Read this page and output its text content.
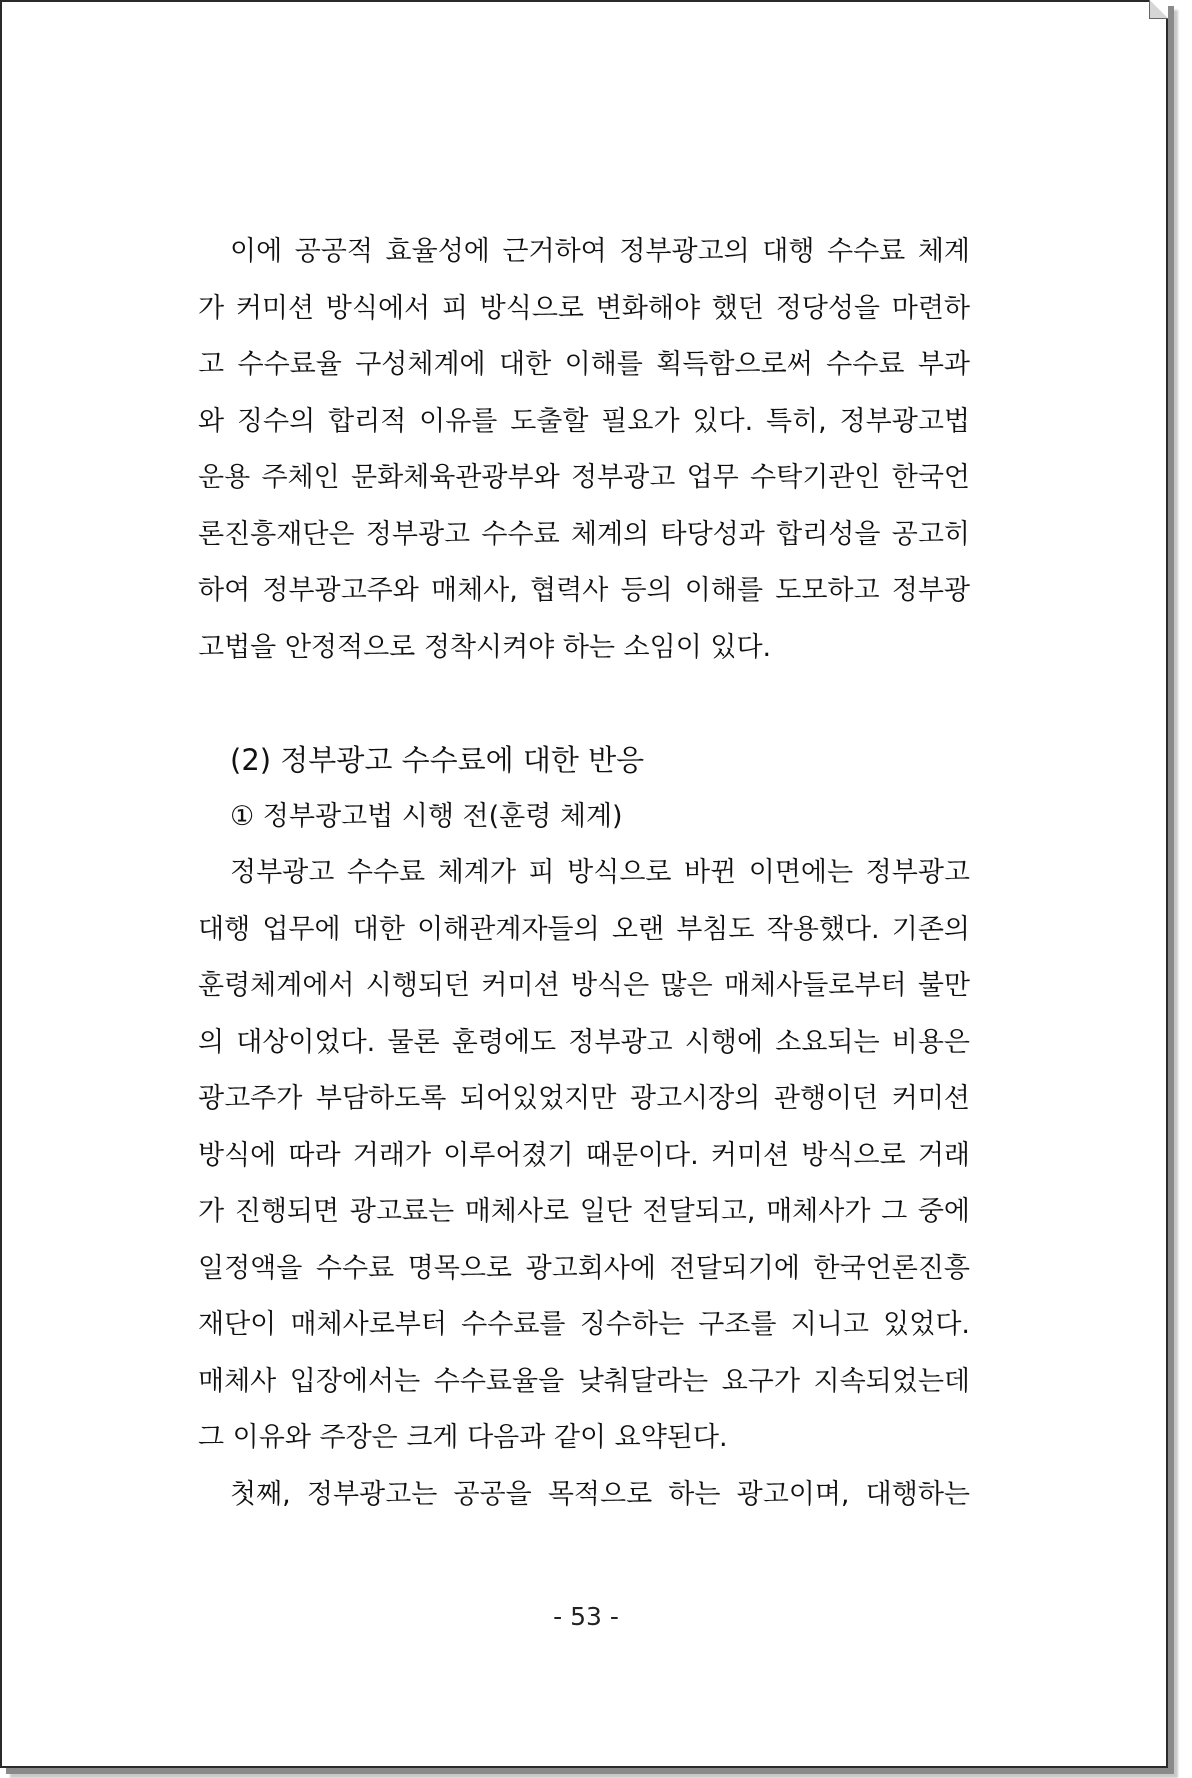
이에 공공적 효율성에 근거하여 정부광고의 대행 수수료 체계
가 커미션 방식에서 피 방식으로 변화해야 했던 정당성을 마련하
고 수수료율 구성체계에 대한 이해를 획득함으로써 수수료 부과
와 징수의 합리적 이유를 도출할 필요가 있다. 특히, 정부광고법
운용 주체인 문화체육관광부와 정부광고 업무 수탁기관인 한국언
론진흥재단은 정부광고 수수료 체계의 타당성과 합리성을 공고히
하여 정부광고주와 매체사, 협력사 등의 이해를 도모하고 정부광
고법을 안정적으로 정착시켜야 하는 소임이 있다.

(2) 정부광고 수수료에 대한 반응
① 정부광고법 시행 전(훈령 체계)

정부광고 수수료 체계가 피 방식으로 바뀐 이면에는 정부광고
대행 업무에 대한 이해관계자들의 오랜 부침도 작용했다. 기존의
훈령체계에서 시행되던 커미션 방식은 많은 매체사들로부터 불만
의 대상이었다. 물론 훈령에도 정부광고 시행에 소요되는 비용은
광고주가 부담하도록 되어있었지만 광고시장의 관행이던 커미션
방식에 따라 거래가 이루어졌기 때문이다. 커미션 방식으로 거래
가 진행되면 광고료는 매체사로 일단 전달되고, 매체사가 그 중에
일정액을 수수료 명목으로 광고회사에 전달되기에 한국언론진흥
재단이 매체사로부터 수수료를 징수하는 구조를 지니고 있었다.
매체사 입장에서는 수수료율을 낮춰달라는 요구가 지속되었는데
그 이유와 주장은 크게 다음과 같이 요약된다.

첫째, 정부광고는 공공을 목적으로 하는 광고이며, 대행하는

- 53 -
